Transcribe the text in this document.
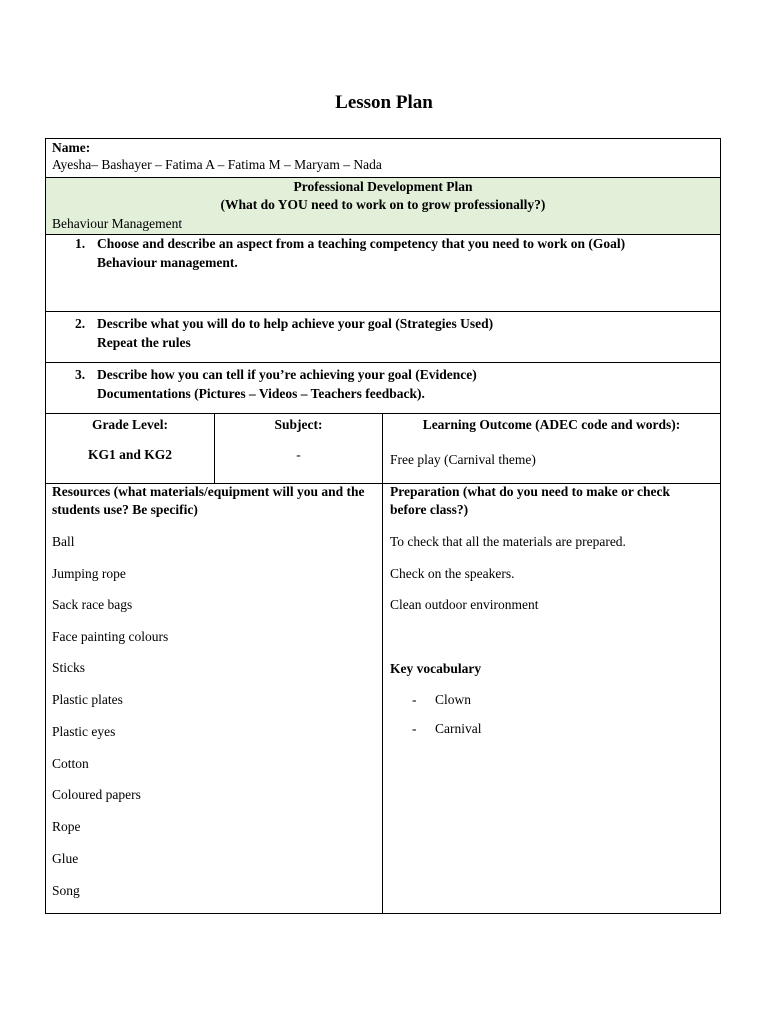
Lesson Plan
Name:
Ayesha– Bashayer – Fatima A – Fatima M – Maryam – Nada
Professional Development Plan
(What do YOU need to work on to grow professionally?)
Behaviour Management
1. Choose and describe an aspect from a teaching competency that you need to work on (Goal)
Behaviour management.
2. Describe what you will do to help achieve your goal (Strategies Used)
Repeat the rules
3. Describe how you can tell if you’re achieving your goal (Evidence)
Documentations (Pictures – Videos – Teachers feedback).
Grade Level:
KG1 and KG2
Subject:
-
Learning Outcome (ADEC code and words):
Free play (Carnival theme)
Resources (what materials/equipment will you and the
students use? Be specific)
Ball
Jumping rope
Sack race bags
Face painting colours
Sticks
Plastic plates
Plastic eyes
Cotton
Coloured papers
Rope
Glue
Song
Preparation (what do you need to make or check
before class?)
To check that all the materials are prepared.
Check on the speakers.
Clean outdoor environment
Key vocabulary
- Clown
- Carnival
